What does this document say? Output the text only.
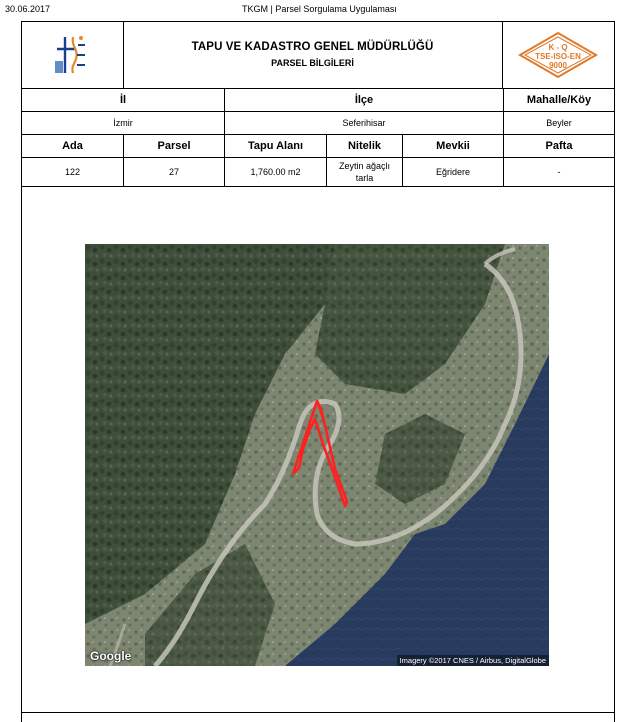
30.06.2017	TKGM | Parsel Sorgulama Uygulaması
TAPU VE KADASTRO GENEL MÜDÜRLÜĞÜ
PARSEL BİLGİLERİ
K - Q
TSE-ISO-EN
9000
İl		İlçe			Mahalle/Köy
İzmir		Seferihisar			Beyler
Ada	Parsel	Tapu Alanı	Nitelik	Mevkii	Pafta
122	27	1,760.00 m2	Zeytin ağaçlı
tarla	Eğridere	-
Google	Imagery ©2017 CNES / Airbus, DigitalGlobe
